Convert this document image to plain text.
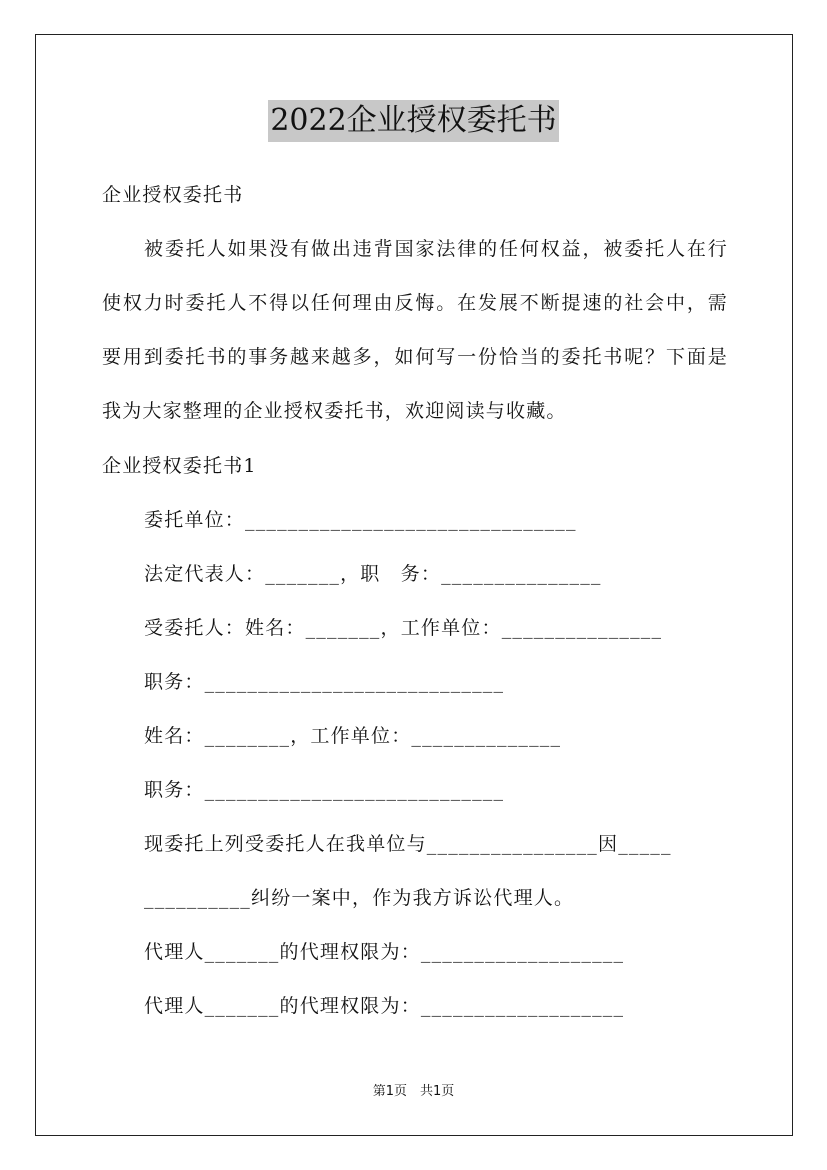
2022企业授权委托书
企业授权委托书
被委托人如果没有做出违背国家法律的任何权益，被委托人在行使权力时委托人不得以任何理由反悔。在发展不断提速的社会中，需要用到委托书的事务越来越多，如何写一份恰当的委托书呢？下面是我为大家整理的企业授权委托书，欢迎阅读与收藏。
企业授权委托书1
委托单位：_______________________________
法定代表人：_______，职　务：_______________
受委托人：姓名：_______，工作单位：_______________
职务：____________________________
姓名：________，工作单位：______________
职务：____________________________
现委托上列受委托人在我单位与________________因_____
__________纠纷一案中，作为我方诉讼代理人。
代理人_______的代理权限为：___________________
代理人_______的代理权限为：___________________
第1页　共1页
